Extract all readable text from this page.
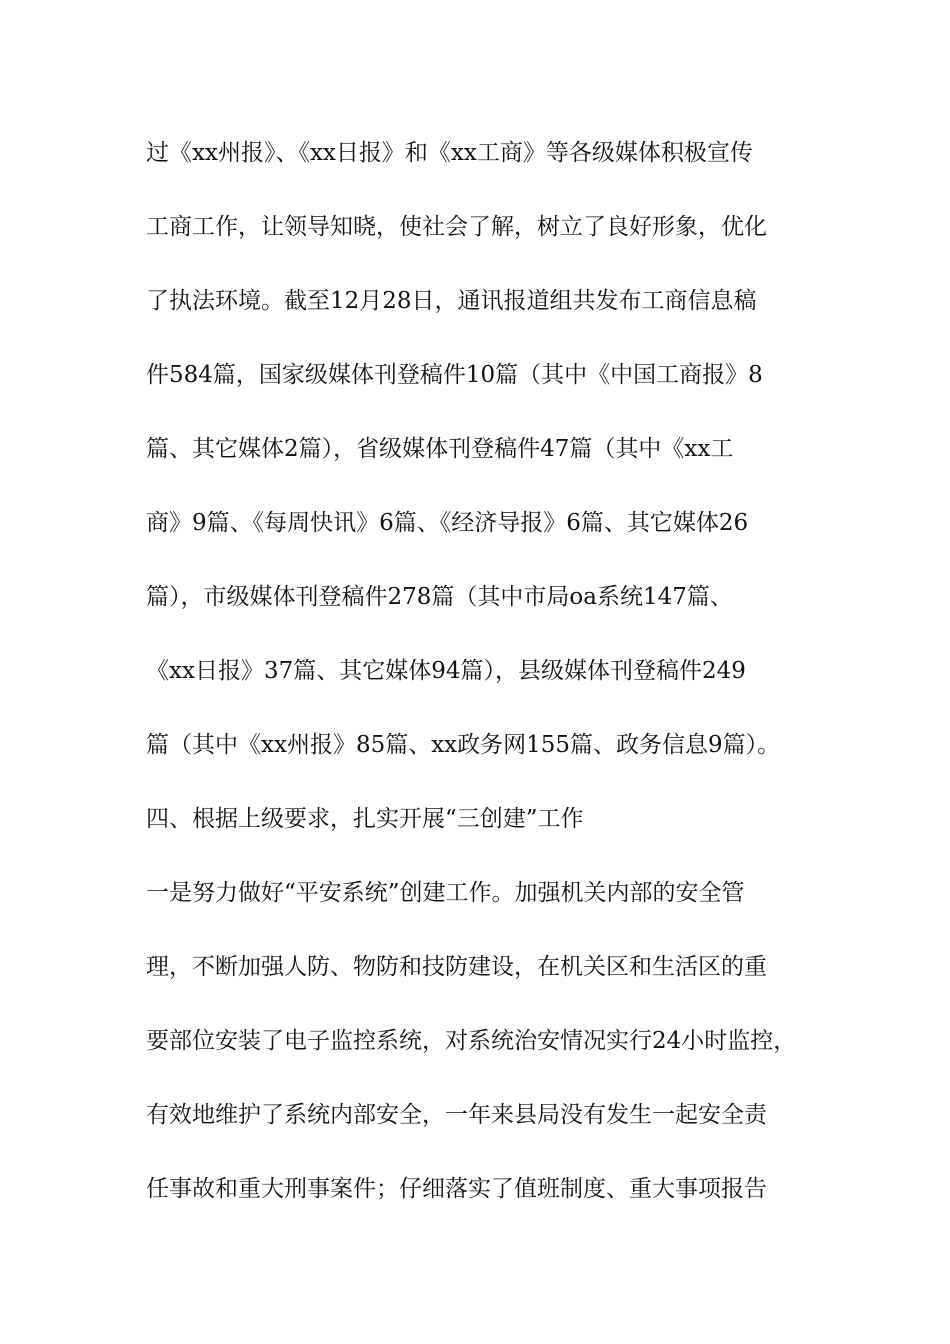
过《xx州报》、《xx日报》和《xx工商》等各级媒体积极宣传
工商工作，让领导知晓，使社会了解，树立了良好形象，优化
了执法环境。截至12月28日，通讯报道组共发布工商信息稿
件584篇，国家级媒体刊登稿件10篇（其中《中国工商报》8
篇、其它媒体2篇），省级媒体刊登稿件47篇（其中《xx工
商》9篇、《每周快讯》6篇、《经济导报》6篇、其它媒体26
篇），市级媒体刊登稿件278篇（其中市局oa系统147篇、
《xx日报》37篇、其它媒体94篇），县级媒体刊登稿件249
篇（其中《xx州报》85篇、xx政务网155篇、政务信息9篇）。
四、根据上级要求，扎实开展“三创建”工作
一是努力做好“平安系统”创建工作。加强机关内部的安全管
理，不断加强人防、物防和技防建设，在机关区和生活区的重
要部位安装了电子监控系统，对系统治安情况实行24小时监控，
有效地维护了系统内部安全，一年来县局没有发生一起安全责
任事故和重大刑事案件；仔细落实了值班制度、重大事项报告
